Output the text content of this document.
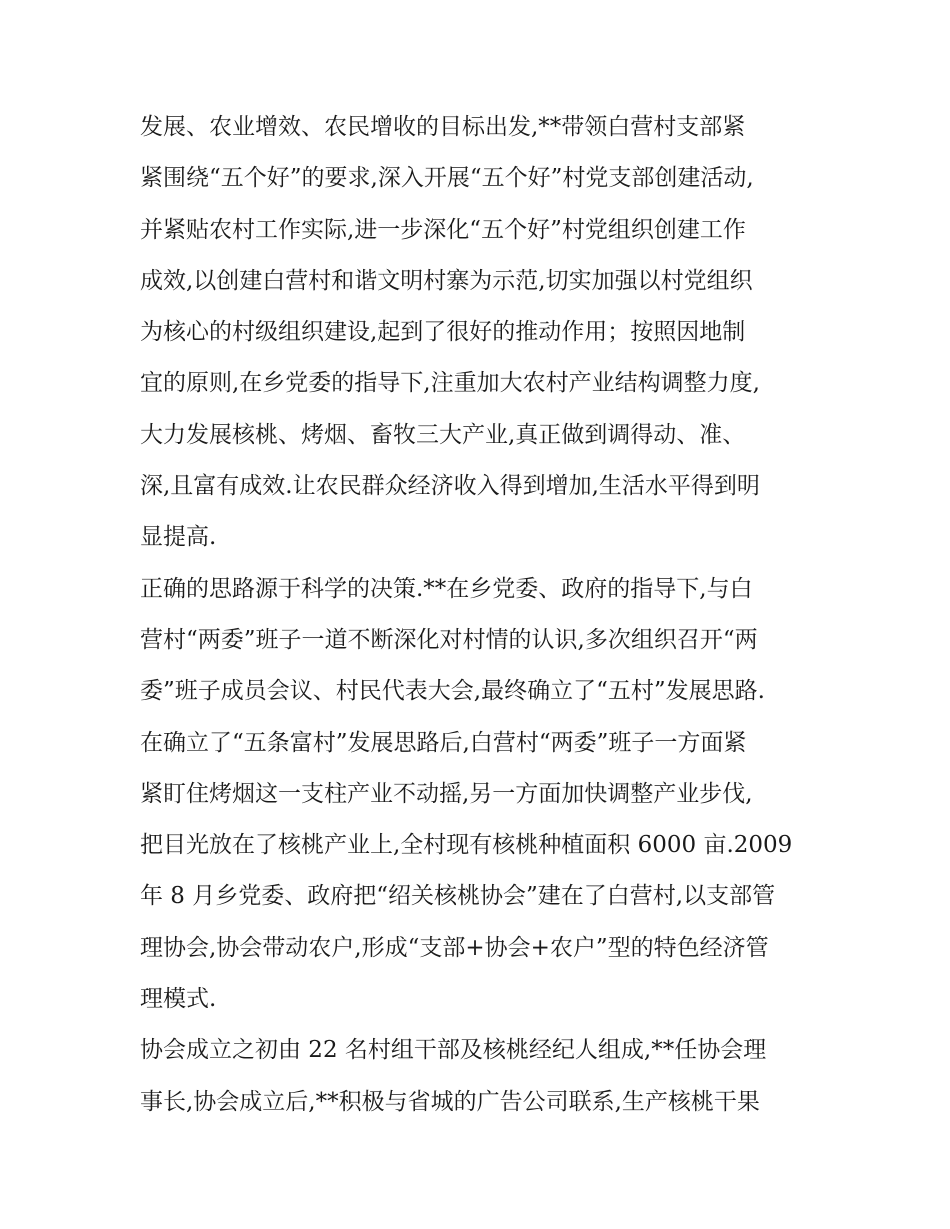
发展、农业增效、农民增收的目标出发,**带领白营村支部紧
紧围绕“五个好”的要求,深入开展“五个好”村党支部创建活动,
并紧贴农村工作实际,进一步深化“五个好”村党组织创建工作
成效,以创建白营村和谐文明村寨为示范,切实加强以村党组织
为核心的村级组织建设,起到了很好的推动作用；按照因地制
宜的原则,在乡党委的指导下,注重加大农村产业结构调整力度,
大力发展核桃、烤烟、畜牧三大产业,真正做到调得动、准、
深,且富有成效.让农民群众经济收入得到增加,生活水平得到明
显提高.
正确的思路源于科学的决策.**在乡党委、政府的指导下,与白
营村“两委”班子一道不断深化对村情的认识,多次组织召开“两
委”班子成员会议、村民代表大会,最终确立了“五村”发展思路.
在确立了“五条富村”发展思路后,白营村“两委”班子一方面紧
紧盯住烤烟这一支柱产业不动摇,另一方面加快调整产业步伐,
把目光放在了核桃产业上,全村现有核桃种植面积 6000 亩.2009
年 8 月乡党委、政府把“绍关核桃协会”建在了白营村,以支部管
理协会,协会带动农户,形成“支部+协会+农户”型的特色经济管
理模式.
协会成立之初由 22 名村组干部及核桃经纪人组成,**任协会理
事长,协会成立后,**积极与省城的广告公司联系,生产核桃干果
